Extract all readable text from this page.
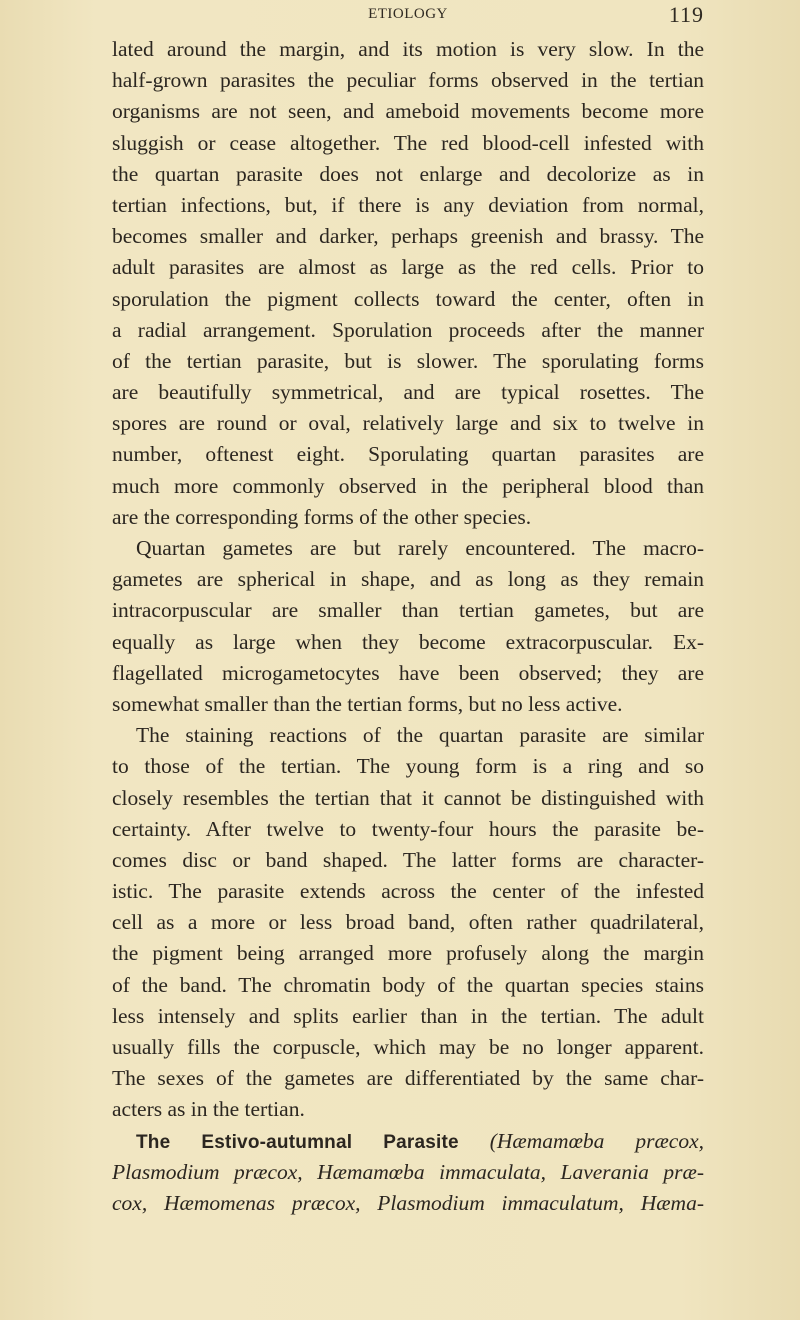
ETIOLOGY	119
lated around the margin, and its motion is very slow. In the
half-grown parasites the peculiar forms observed in the tertian
organisms are not seen, and ameboid movements become more
sluggish or cease altogether. The red blood-cell infested with
the quartan parasite does not enlarge and decolorize as in
tertian infections, but, if there is any deviation from normal,
becomes smaller and darker, perhaps greenish and brassy. The
adult parasites are almost as large as the red cells. Prior to
sporulation the pigment collects toward the center, often in
a radial arrangement. Sporulation proceeds after the manner
of the tertian parasite, but is slower. The sporulating forms
are beautifully symmetrical, and are typical rosettes. The
spores are round or oval, relatively large and six to twelve in
number, oftenest eight. Sporulating quartan parasites are
much more commonly observed in the peripheral blood than
are the corresponding forms of the other species.
Quartan gametes are but rarely encountered. The macro-
gametes are spherical in shape, and as long as they remain
intracorpuscular are smaller than tertian gametes, but are
equally as large when they become extracorpuscular. Ex-
flagellated microgametocytes have been observed; they are
somewhat smaller than the tertian forms, but no less active.
The staining reactions of the quartan parasite are similar
to those of the tertian. The young form is a ring and so
closely resembles the tertian that it cannot be distinguished with
certainty. After twelve to twenty-four hours the parasite be-
comes disc or band shaped. The latter forms are character-
istic. The parasite extends across the center of the infested
cell as a more or less broad band, often rather quadrilateral,
the pigment being arranged more profusely along the margin
of the band. The chromatin body of the quartan species stains
less intensely and splits earlier than in the tertian. The adult
usually fills the corpuscle, which may be no longer apparent.
The sexes of the gametes are differentiated by the same char-
acters as in the tertian.
The Estivo-autumnal Parasite (Hæmamœba præcox,
Plasmodium præcox, Hæmamœba immaculata, Laverania præ-
cox, Hæmomenas præcox, Plasmodium immaculatum, Hæma-
